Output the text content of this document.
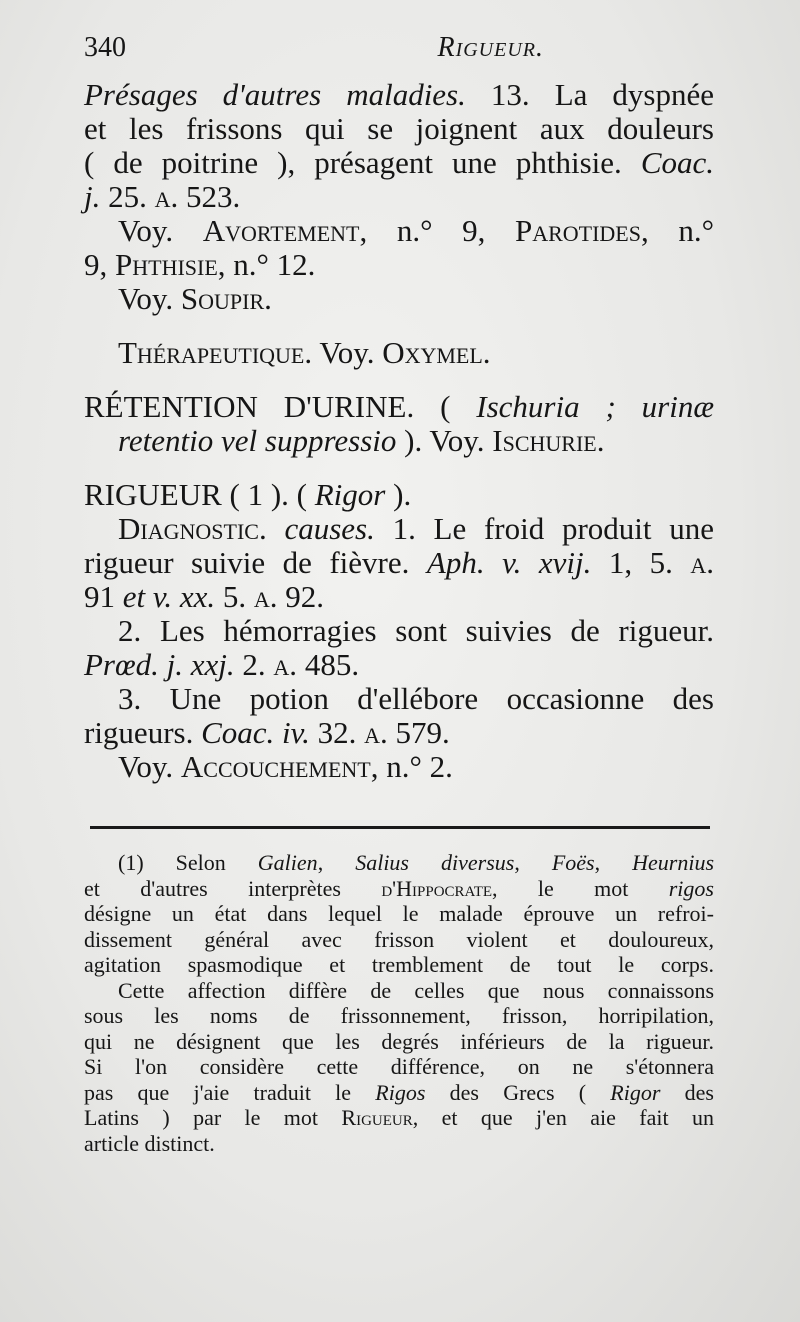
340	Rigueur.
Présages d'autres maladies. 13. La dyspnée
et les frissons qui se joignent aux douleurs
( de poitrine ), présagent une phthisie. Coac.
j. 25. a. 523.
Voy. Avortement, n.° 9, Parotides, n.°
9, Phthisie, n.° 12.
Voy. Soupir.
Thérapeutique. Voy. Oxymel.
RÉTENTION D'URINE. ( Ischuria ; urinæ
retentio vel suppressio ). Voy. Ischurie.
RIGUEUR ( 1 ). ( Rigor ).
Diagnostic. causes. 1. Le froid produit une
rigueur suivie de fièvre. Aph. v. xvij. 1, 5. a.
91 et v. xx. 5. a. 92.
2. Les hémorragies sont suivies de rigueur.
Prœd. j. xxj. 2. a. 485.
3. Une potion d'ellébore occasionne des
rigueurs. Coac. iv. 32. a. 579.
Voy. Accouchement, n.° 2.
(1) Selon Galien, Salius diversus, Foës, Heurnius
et d'autres interprètes d'Hippocrate, le mot rigos
désigne un état dans lequel le malade éprouve un refroi-
dissement général avec frisson violent et douloureux,
agitation spasmodique et tremblement de tout le corps.
Cette affection diffère de celles que nous connaissons
sous les noms de frissonnement, frisson, horripilation,
qui ne désignent que les degrés inférieurs de la rigueur.
Si l'on considère cette différence, on ne s'étonnera
pas que j'aie traduit le Rigos des Grecs ( Rigor des
Latins ) par le mot Rigueur, et que j'en aie fait un
article distinct.
